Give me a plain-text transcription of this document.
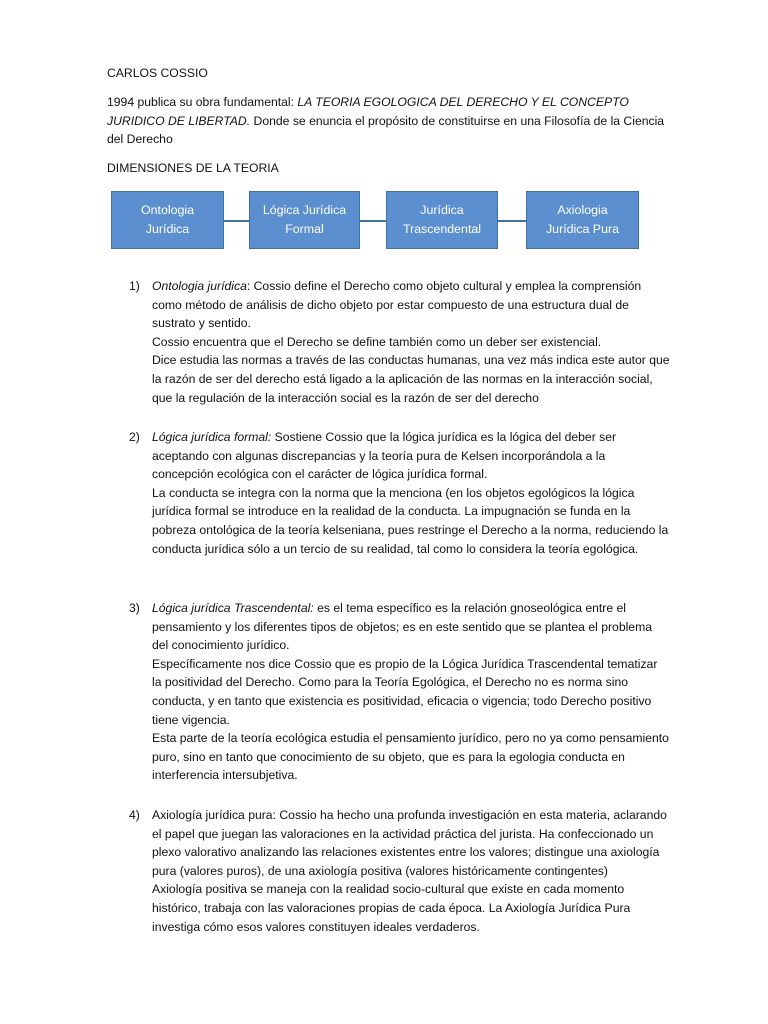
CARLOS COSSIO
1994 publica su obra fundamental: LA TEORIA EGOLOGICA DEL DERECHO Y EL CONCEPTO JURIDICO DE LIBERTAD. Donde se enuncia el propósito de constituirse en una Filosofía de la Ciencia del Derecho
DIMENSIONES DE LA TEORIA
Ontologia
Jurídica
Lógica Jurídica
Formal
Jurídica
Trascendental
Axiologia
Jurídica Pura
1) Ontologia jurídica: Cossio define el Derecho como objeto cultural y emplea la comprensión como método de análisis de dicho objeto por estar compuesto de una estructura dual de sustrato y sentido.

Cossio encuentra que el Derecho se define también como un deber ser existencial.

Dice estudia las normas a través de las conductas humanas, una vez más indica este autor que la razón de ser del derecho está ligado a la aplicación de las normas en la interacción social, que la regulación de la interacción social es la razón de ser del derecho

2) Lógica jurídica formal: Sostiene Cossio que la lógica jurídica es la lógica del deber ser aceptando con algunas discrepancias y la teoría pura de Kelsen incorporándola a la concepción ecológica con el carácter de lógica jurídica formal.

La conducta se integra con la norma que la menciona (en los objetos egológicos la lógica jurídica formal se introduce en la realidad de la conducta. La impugnación se funda en la pobreza ontológica de la teoría kelseniana, pues restringe el Derecho a la norma, reduciendo la conducta jurídica sólo a un tercio de su realidad, tal como lo considera la teoría egológica.

3) Lógica jurídica Trascendental: es el tema específico es la relación gnoseológica entre el pensamiento y los diferentes tipos de objetos; es en este sentido que se plantea el problema del conocimiento jurídico.

Específicamente nos dice Cossio que es propio de la Lógica Jurídica Trascendental tematizar la positividad del Derecho. Como para la Teoría Egológica, el Derecho no es norma sino conducta, y en tanto que existencia es positividad, eficacia o vigencia; todo Derecho positivo tiene vigencia.

Esta parte de la teoría ecológica estudia el pensamiento jurídico, pero no ya como pensamiento puro, sino en tanto que conocimiento de su objeto, que es para la egologia conducta en interferencia intersubjetiva.

4) Axiología jurídica pura: Cossio ha hecho una profunda investigación en esta materia, aclarando el papel que juegan las valoraciones en la actividad práctica del jurista. Ha confeccionado un plexo valorativo analizando las relaciones existentes entre los valores; distingue una axiología pura (valores puros), de una axiología positiva (valores históricamente contingentes)

Axiología positiva se maneja con la realidad socio-cultural que existe en cada momento histórico, trabaja con las valoraciones propias de cada época. La Axiología Jurídica Pura investiga cómo esos valores constituyen ideales verdaderos.
